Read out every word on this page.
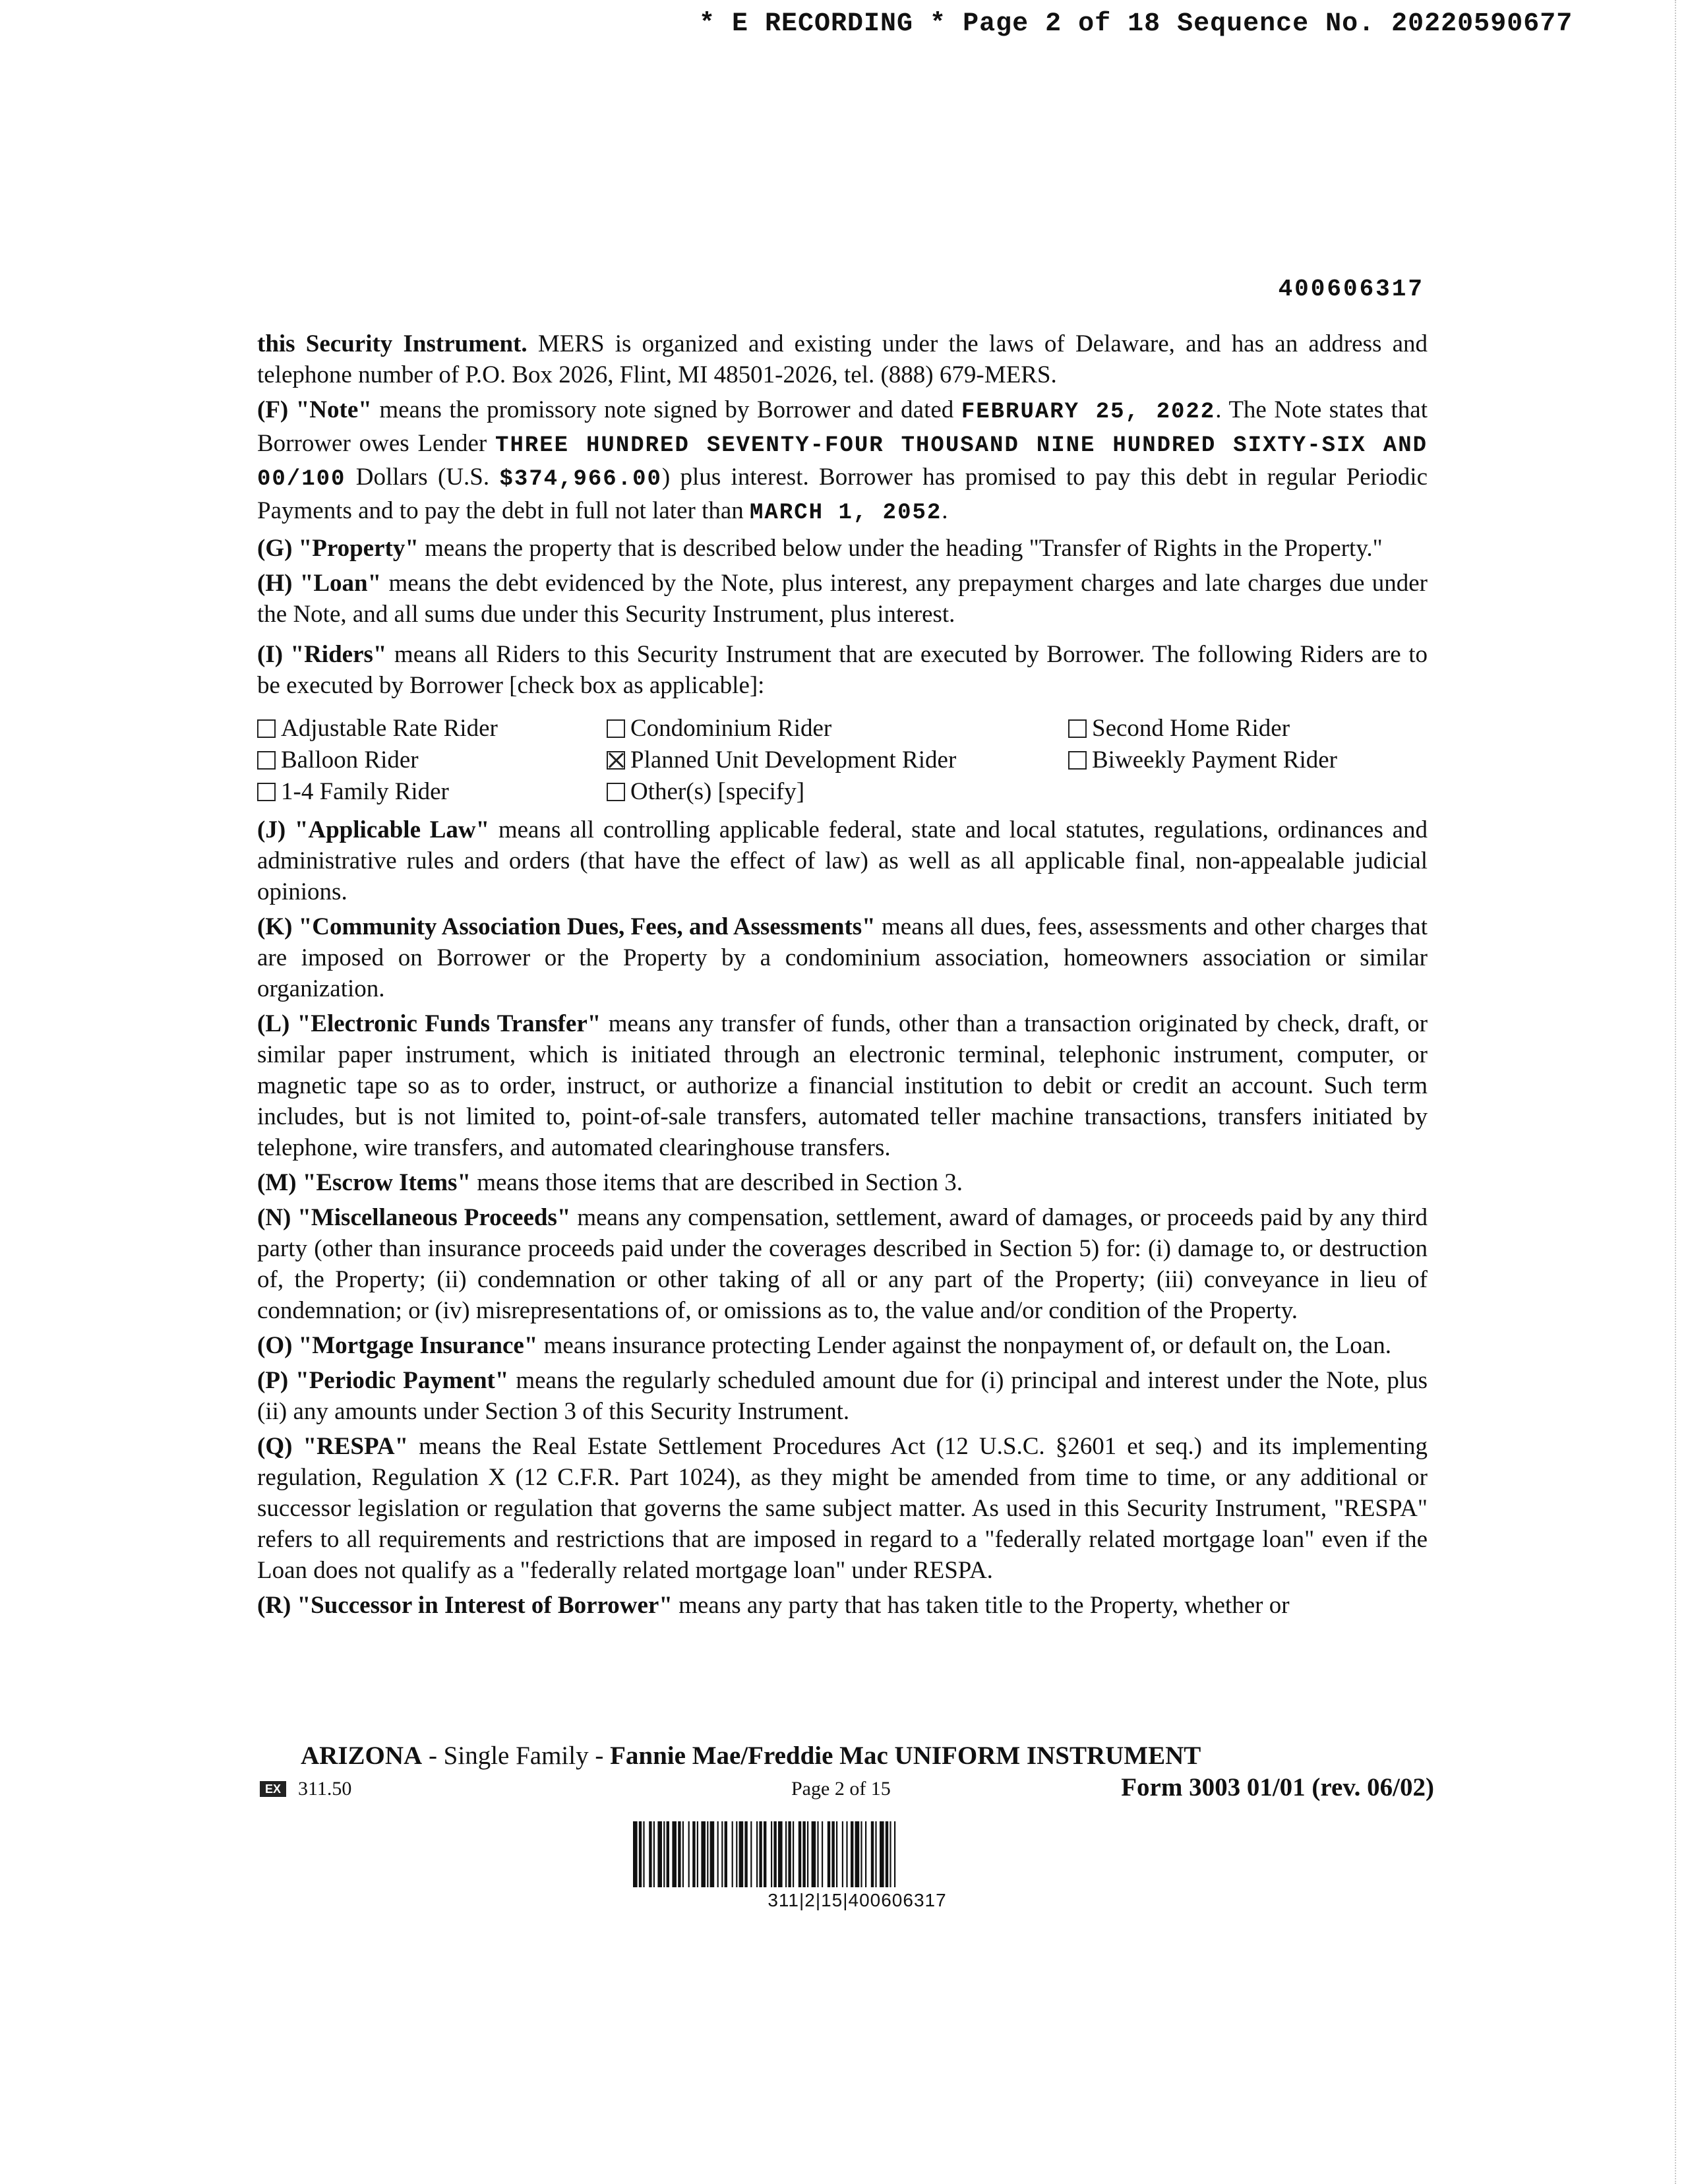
* E RECORDING * Page 2 of 18 Sequence No. 20220590677
400606317

this Security Instrument. MERS is organized and existing under the laws of Delaware, and has an address and telephone number of P.O. Box 2026, Flint, MI 48501-2026, tel. (888) 679-MERS.

(F) "Note" means the promissory note signed by Borrower and dated FEBRUARY 25, 2022. The Note states that Borrower owes Lender THREE HUNDRED SEVENTY-FOUR THOUSAND NINE HUNDRED SIXTY-SIX AND 00/100 Dollars (U.S. $374,966.00) plus interest. Borrower has promised to pay this debt in regular Periodic Payments and to pay the debt in full not later than MARCH 1, 2052.

(G) "Property" means the property that is described below under the heading "Transfer of Rights in the Property."

(H) "Loan" means the debt evidenced by the Note, plus interest, any prepayment charges and late charges due under the Note, and all sums due under this Security Instrument, plus interest.

(I) "Riders" means all Riders to this Security Instrument that are executed by Borrower. The following Riders are to be executed by Borrower [check box as applicable]:

Adjustable Rate Rider	Condominium Rider	Second Home Rider
Balloon Rider	Planned Unit Development Rider	Biweekly Payment Rider
1-4 Family Rider	Other(s) [specify]

(J) "Applicable Law" means all controlling applicable federal, state and local statutes, regulations, ordinances and administrative rules and orders (that have the effect of law) as well as all applicable final, non-appealable judicial opinions.

(K) "Community Association Dues, Fees, and Assessments" means all dues, fees, assessments and other charges that are imposed on Borrower or the Property by a condominium association, homeowners association or similar organization.

(L) "Electronic Funds Transfer" means any transfer of funds, other than a transaction originated by check, draft, or similar paper instrument, which is initiated through an electronic terminal, telephonic instrument, computer, or magnetic tape so as to order, instruct, or authorize a financial institution to debit or credit an account. Such term includes, but is not limited to, point-of-sale transfers, automated teller machine transactions, transfers initiated by telephone, wire transfers, and automated clearinghouse transfers.

(M) "Escrow Items" means those items that are described in Section 3.

(N) "Miscellaneous Proceeds" means any compensation, settlement, award of damages, or proceeds paid by any third party (other than insurance proceeds paid under the coverages described in Section 5) for: (i) damage to, or destruction of, the Property; (ii) condemnation or other taking of all or any part of the Property; (iii) conveyance in lieu of condemnation; or (iv) misrepresentations of, or omissions as to, the value and/or condition of the Property.

(O) "Mortgage Insurance" means insurance protecting Lender against the nonpayment of, or default on, the Loan.

(P) "Periodic Payment" means the regularly scheduled amount due for (i) principal and interest under the Note, plus (ii) any amounts under Section 3 of this Security Instrument.

(Q) "RESPA" means the Real Estate Settlement Procedures Act (12 U.S.C. §2601 et seq.) and its implementing regulation, Regulation X (12 C.F.R. Part 1024), as they might be amended from time to time, or any additional or successor legislation or regulation that governs the same subject matter. As used in this Security Instrument, "RESPA" refers to all requirements and restrictions that are imposed in regard to a "federally related mortgage loan" even if the Loan does not qualify as a "federally related mortgage loan" under RESPA.

(R) "Successor in Interest of Borrower" means any party that has taken title to the Property, whether or

ARIZONA - Single Family - Fannie Mae/Freddie Mac UNIFORM INSTRUMENT
EX 311.50	Page 2 of 15	Form 3003 01/01 (rev. 06/02)
311|2|15|400606317
